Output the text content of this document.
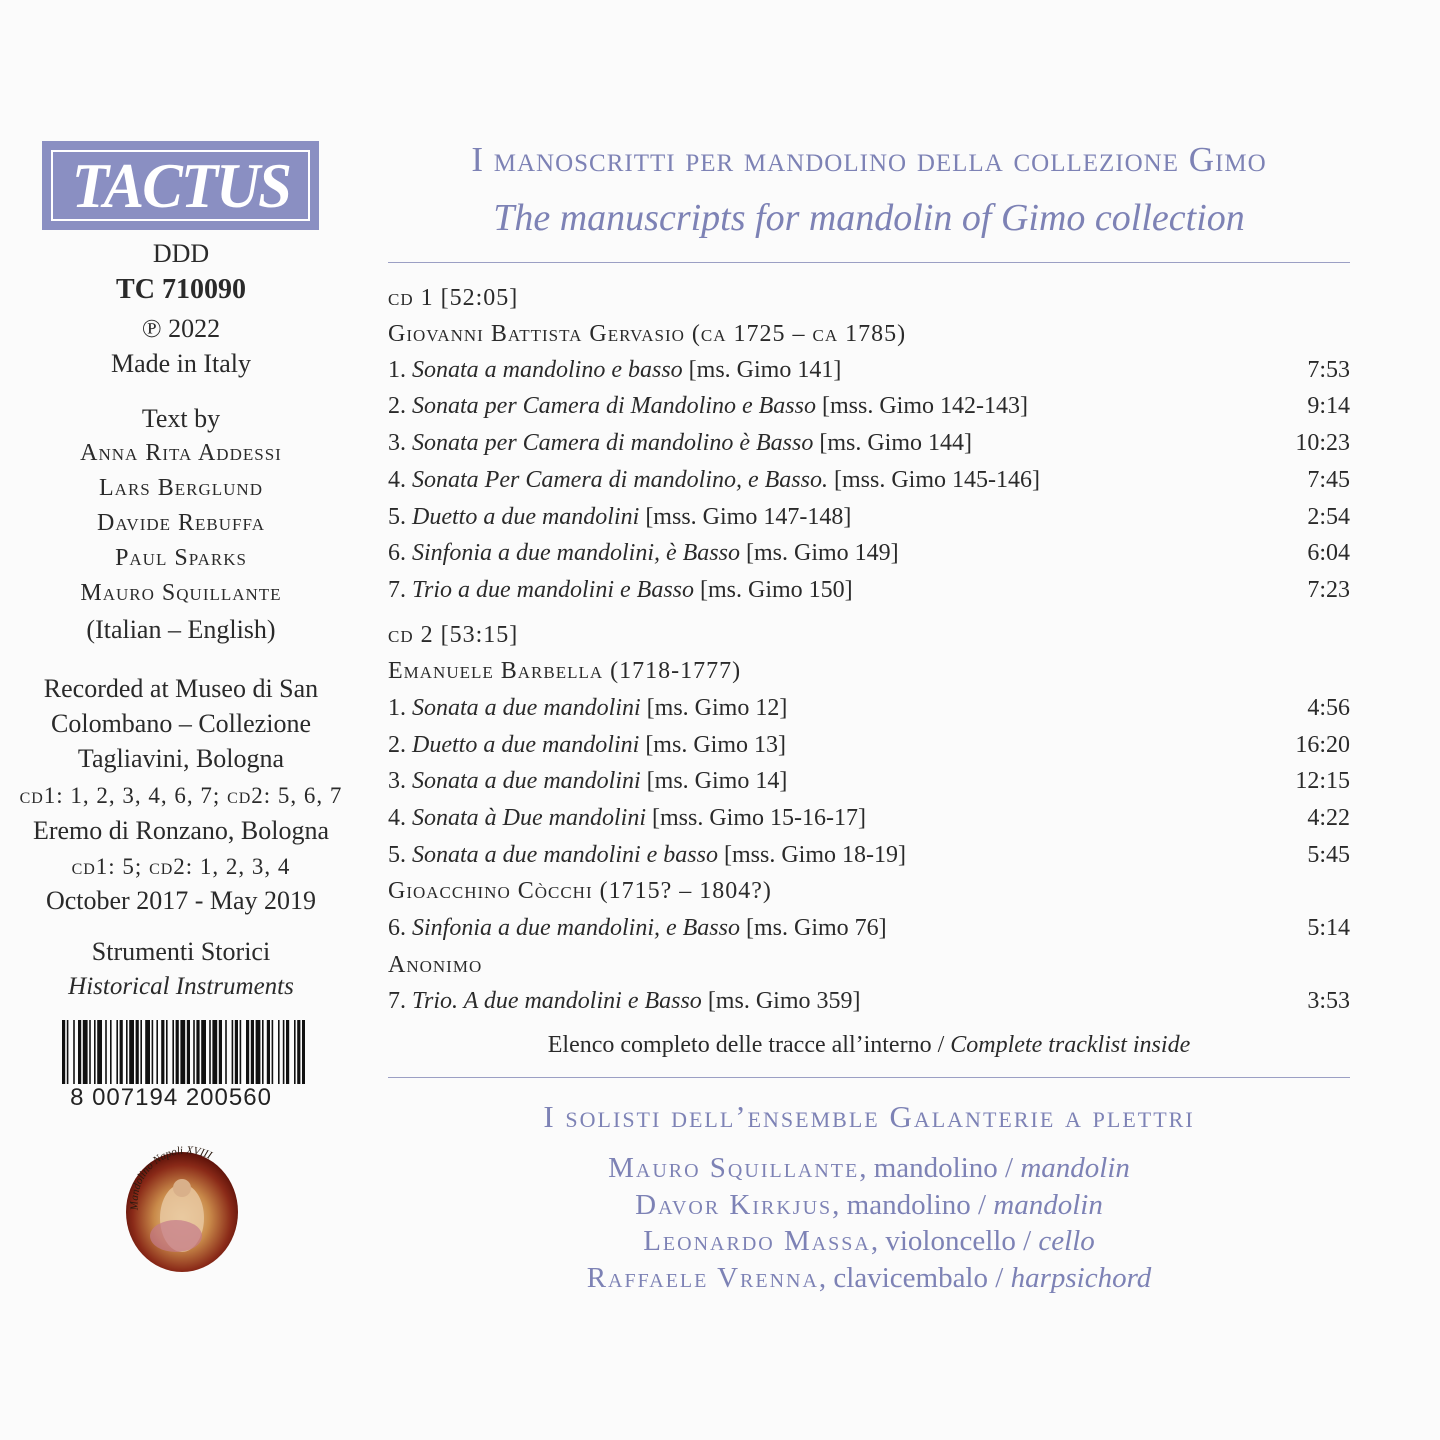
TACTUS
DDD
TC 710090
℗ 2022
Made in Italy
Text by
Anna Rita Addessi
Lars Berglund
Davide Rebuffa
Paul Sparks
Mauro Squillante
(Italian – English)
Recorded at Museo di San
Colombano – Collezione
Tagliavini, Bologna
cd1: 1, 2, 3, 4, 6, 7; cd2: 5, 6, 7
Eremo di Ronzano, Bologna
cd1: 5; cd2: 1, 2, 3, 4
October 2017 - May 2019
Strumenti Storici
Historical Instruments
8 007194 200560
Mandolino Napoli XVIII
I manoscritti per mandolino della collezione Gimo
The manuscripts for mandolin of Gimo collection
cd 1 [52:05]
Giovanni Battista Gervasio (ca 1725 – ca 1785)
1. Sonata a mandolino e basso [ms. Gimo 141]	7:53
2. Sonata per Camera di Mandolino e Basso [mss. Gimo 142-143]	9:14
3. Sonata per Camera di mandolino è Basso [ms. Gimo 144]	10:23
4. Sonata Per Camera di mandolino, e Basso. [mss. Gimo 145-146]	7:45
5. Duetto a due mandolini [mss. Gimo 147-148]	2:54
6. Sinfonia a due mandolini, è Basso [ms. Gimo 149]	6:04
7. Trio a due mandolini e Basso [ms. Gimo 150]	7:23
cd 2 [53:15]
Emanuele Barbella (1718-1777)
1. Sonata a due mandolini [ms. Gimo 12]	4:56
2. Duetto a due mandolini [ms. Gimo 13]	16:20
3. Sonata a due mandolini [ms. Gimo 14]	12:15
4. Sonata à Due mandolini [mss. Gimo 15-16-17]	4:22
5. Sonata a due mandolini e basso [mss. Gimo 18-19]	5:45
Gioacchino Còcchi (1715? – 1804?)
6. Sinfonia a due mandolini, e Basso [ms. Gimo 76]	5:14
Anonimo
7. Trio. A due mandolini e Basso [ms. Gimo 359]	3:53
Elenco completo delle tracce all’interno / Complete tracklist inside
I solisti dell’ensemble Galanterie a plettri
Mauro Squillante, mandolino / mandolin
Davor Kirkjus, mandolino / mandolin
Leonardo Massa, violoncello / cello
Raffaele Vrenna, clavicembalo / harpsichord
